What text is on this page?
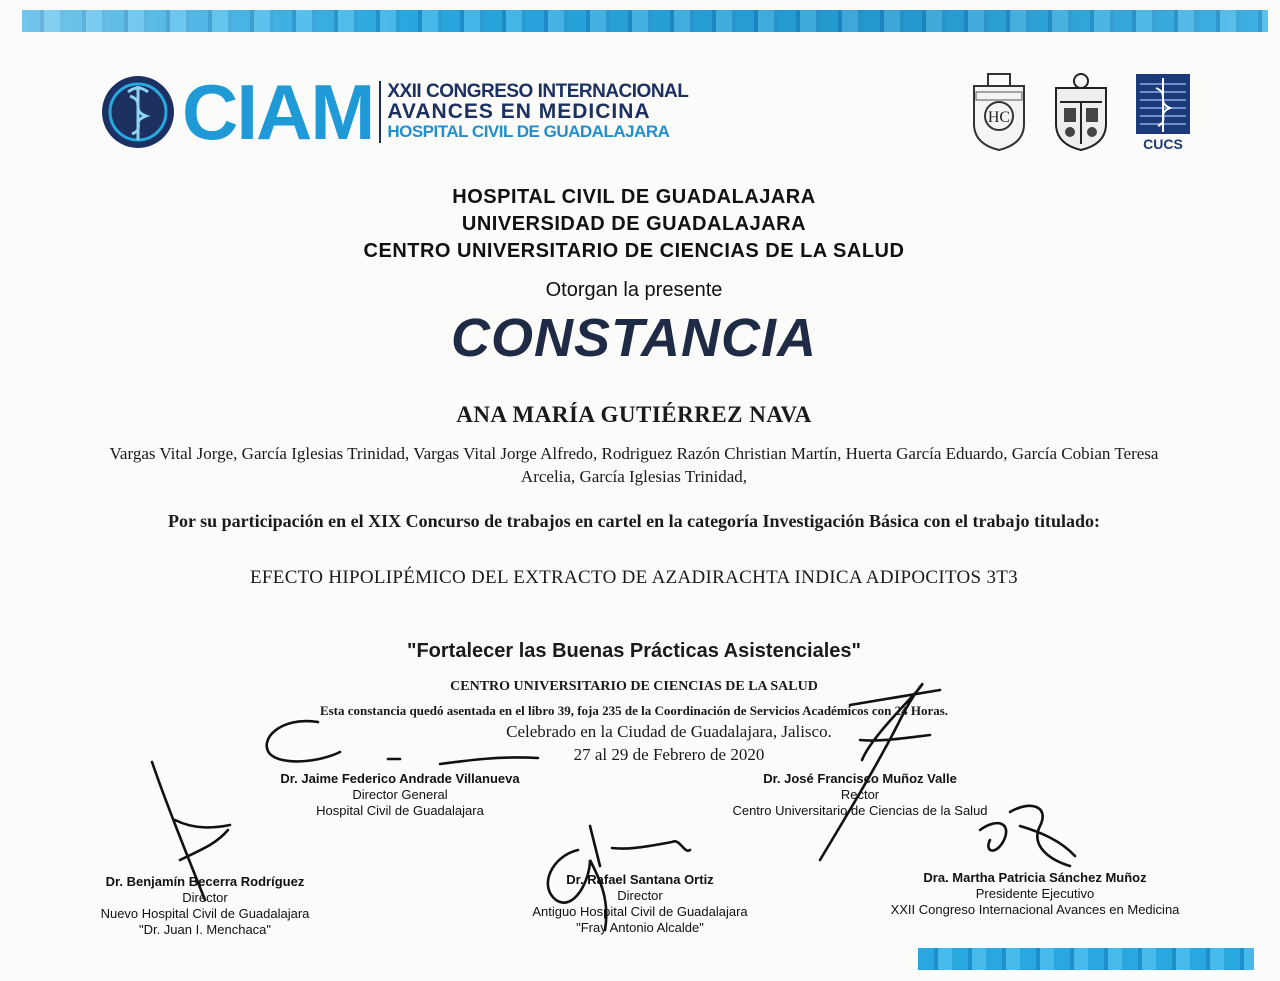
CIAM XXII CONGRESO INTERNACIONAL
AVANCES EN MEDICINA
HOSPITAL CIVIL DE GUADALAJARA
HC
CUCS
HOSPITAL CIVIL DE GUADALAJARA
UNIVERSIDAD DE GUADALAJARA
CENTRO UNIVERSITARIO DE CIENCIAS DE LA SALUD
Otorgan la presente
CONSTANCIA
ANA MARÍA GUTIÉRREZ NAVA
Vargas Vital Jorge, García Iglesias Trinidad, Vargas Vital Jorge Alfredo, Rodriguez Razón Christian Martín, Huerta García Eduardo, García Cobian Teresa Arcelia, García Iglesias Trinidad,
Por su participación en el XIX Concurso de trabajos en cartel en la categoría Investigación Básica con el trabajo titulado:
EFECTO HIPOLIPÉMICO DEL EXTRACTO DE AZADIRACHTA INDICA ADIPOCITOS 3T3
"Fortalecer las Buenas Prácticas Asistenciales"
CENTRO UNIVERSITARIO DE CIENCIAS DE LA SALUD
Esta constancia quedó asentada en el libro 39, foja 235 de la Coordinación de Servicios Académicos con 24 Horas.
Celebrado en la Ciudad de Guadalajara, Jalisco.
27 al 29 de Febrero de 2020
Dr. Jaime Federico Andrade Villanueva
Director General
Hospital Civil de Guadalajara
Dr. José Francisco Muñoz Valle
Rector
Centro Universitario de Ciencias de la Salud
Dr. Benjamín Becerra Rodríguez
Director
Nuevo Hospital Civil de Guadalajara
"Dr. Juan I. Menchaca"
Dr. Rafael Santana Ortiz
Director
Antiguo Hospital Civil de Guadalajara
"Fray Antonio Alcalde"
Dra. Martha Patricia Sánchez Muñoz
Presidente Ejecutivo
XXII Congreso Internacional Avances en Medicina
